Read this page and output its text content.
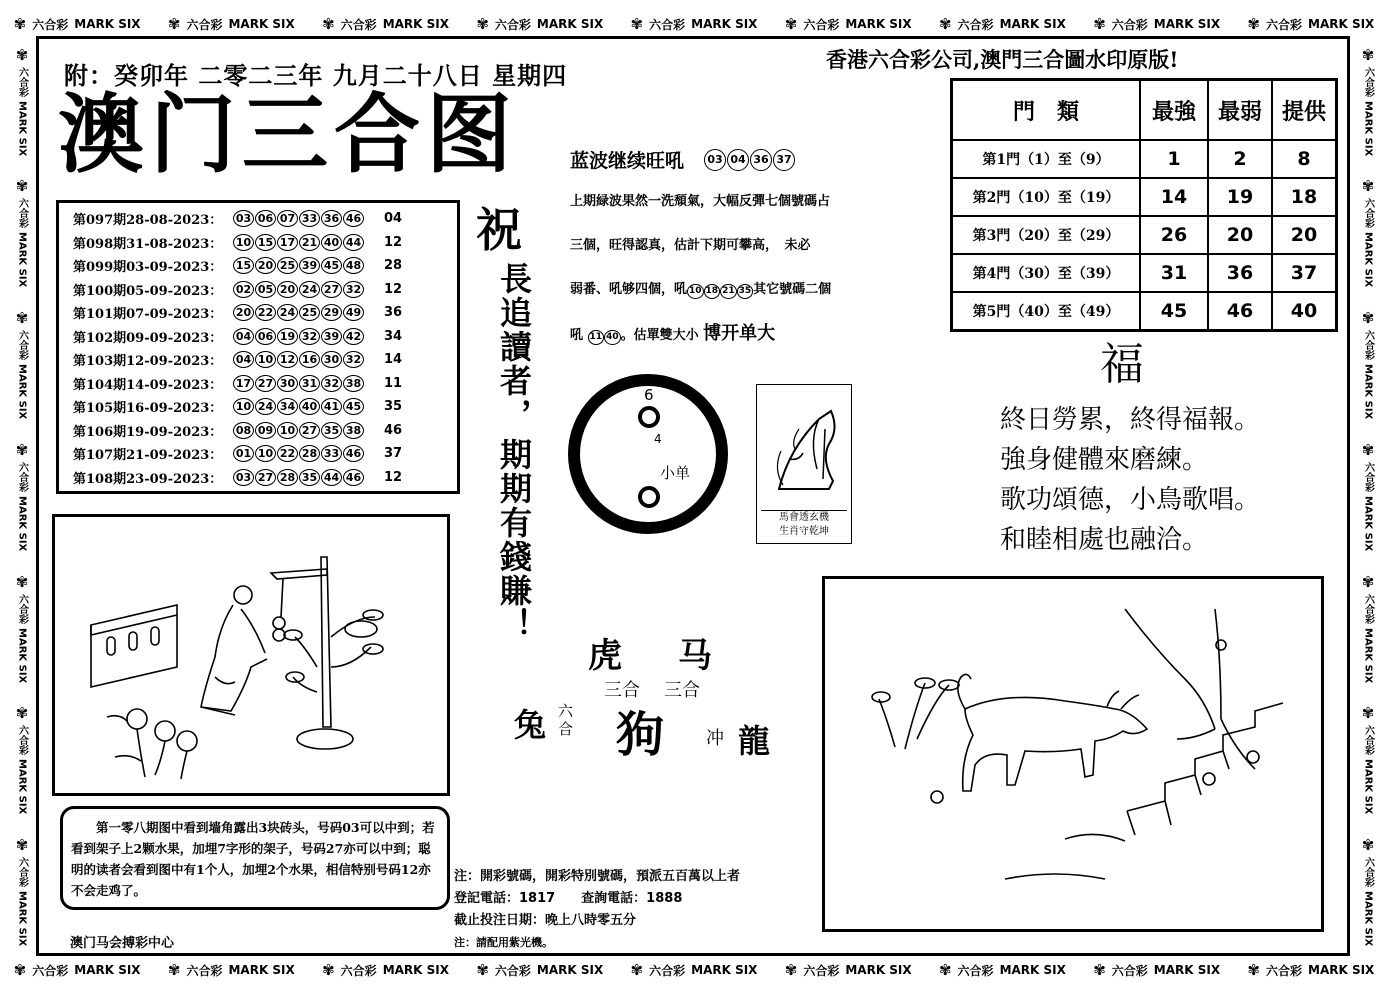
✾ 六合彩 MARK SIX ✾ 六合彩 MARK SIX ✾ 六合彩 MARK SIX ✾ 六合彩 MARK SIX ✾ 六合彩 MARK SIX ✾ 六合彩 MARK SIX ✾ 六合彩 MARK SIX ✾ 六合彩 MARK SIX ✾ 六合彩 MARK SIX
✾ 六合彩 MARK SIX ✾ 六合彩 MARK SIX ✾ 六合彩 MARK SIX ✾ 六合彩 MARK SIX ✾ 六合彩 MARK SIX ✾ 六合彩 MARK SIX ✾ 六合彩 MARK SIX ✾ 六合彩 MARK SIX ✾ 六合彩 MARK SIX
✾
六合彩
MARK SIX
✾
六合彩
MARK SIX
✾
六合彩
MARK SIX
✾
六合彩
MARK SIX
✾
六合彩
MARK SIX
✾
六合彩
MARK SIX
✾
六合彩
MARK SIX
✾
六合彩
MARK SIX
✾
六合彩
MARK SIX
✾
六合彩
MARK SIX
✾
六合彩
MARK SIX
✾
六合彩
MARK SIX
✾
六合彩
MARK SIX
✾
六合彩
MARK SIX
附：癸卯年 二零二三年 九月二十八日 星期四
澳门三合图
香港六合彩公司,澳門三合圖水印原版!
第097期28-08-2023：	03 06 07 33 36 46 04
第098期31-08-2023：	10 15 17 21 40 44 12
第099期03-09-2023：	15 20 25 39 45 48 28
第100期05-09-2023：	02 05 20 24 27 32 12
第101期07-09-2023：	20 22 24 25 29 49 36
第102期09-09-2023：	04 06 19 32 39 42 34
第103期12-09-2023：	04 10 12 16 30 32 14
第104期14-09-2023：	17 27 30 31 32 38 11
第105期16-09-2023：	10 24 34 40 41 45 35
第106期19-09-2023：	08 09 10 27 35 38 46
第107期21-09-2023：	01 10 22 28 33 46 37
第108期23-09-2023：	03 27 28 35 44 46 12
祝
長追讀者，
期期有錢賺！
蓝波继续旺吼	03 04 36 37
上期緑波果然一洗頹氣，大幅反彈七個號碼占
三個，旺得認真，估計下期可攀高，　未必
弱番、吼够四個，吼 10 18 21 35 其它號碼二個
吼 11 40 。估單雙大小 博开单大
6
4
小单
馬會透玄機
生肖守乾坤
虎 马
三合 三合
兔 六
合 狗 冲 龍
門　類	最強	最弱	提供
第1門（1）至（9）	1	2	8
第2門（10）至（19）	14	19	18
第3門（20）至（29）	26	20	20
第4門（30）至（39）	31	36	37
第5門（40）至（49）	45	46	40
福
終日勞累，終得福報。
強身健體來磨練。
歌功頌德，小鳥歌唱。
和睦相處也融洽。
第一零八期图中看到墙角露出3块砖头，号码03可以中到；若看到架子上2颗水果，加埋7字形的架子，号码27亦可以中到；聪明的读者会看到图中有1个人，加埋2个水果，相信特别号码12亦不会走鸡了。
澳门马会搏彩中心
注：開彩號碼，開彩特別號碼，預派五百萬以上者
登記電話：1817　　查詢電話：1888
截止投注日期：晚上八時零五分
注：請配用紫光機。
